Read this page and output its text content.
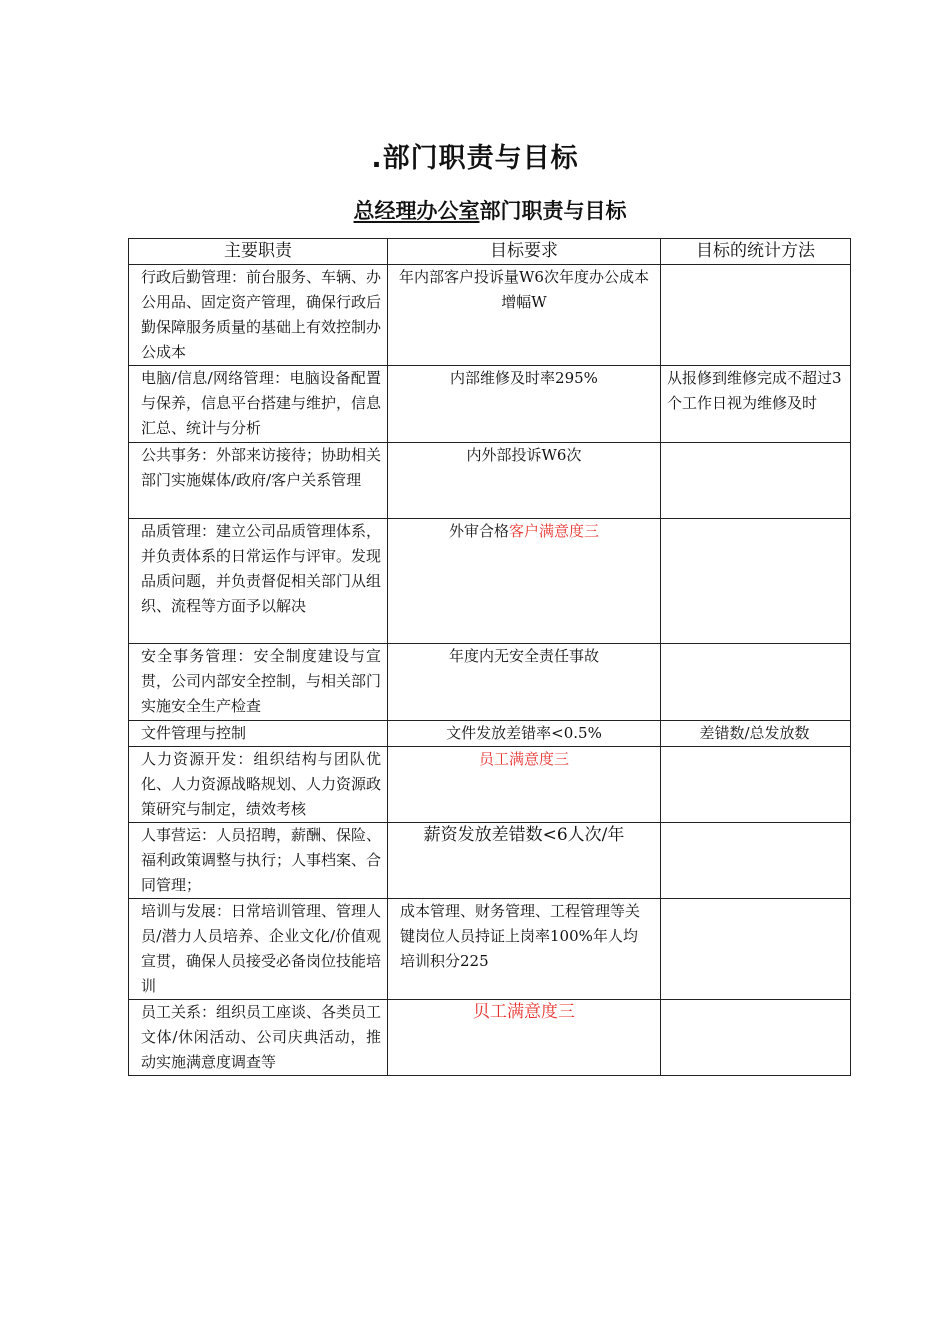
.部门职责与目标
总经理办公室部门职责与目标
主要职责	目标要求	目标的统计方法
行政后勤管理：前台服务、车辆、办公用品、固定资产管理，确保行政后勤保障服务质量的基础上有效控制办公成本	年内部客户投诉量W6次年度办公成本增幅W	
电脑/信息/网络管理：电脑设备配置与保养，信息平台搭建与维护，信息汇总、统计与分析	内部维修及时率295%	从报修到维修完成不超过3个工作日视为维修及时
公共事务：外部来访接待；协助相关部门实施媒体/政府/客户关系管理	内外部投诉W6次	
品质管理：建立公司品质管理体系，并负责体系的日常运作与评审。发现品质问题，并负责督促相关部门从组织、流程等方面予以解决	外审合格客户满意度三	
安全事务管理：安全制度建设与宣贯，公司内部安全控制，与相关部门实施安全生产检查	年度内无安全责任事故	
文件管理与控制	文件发放差错率<0.5%	差错数/总发放数
人力资源开发：组织结构与团队优化、人力资源战略规划、人力资源政策研究与制定，绩效考核	员工满意度三	
人事营运：人员招聘，薪酬、保险、福利政策调整与执行；人事档案、合同管理；	薪资发放差错数<6人次/年	
培训与发展：日常培训管理、管理人员/潜力人员培养、企业文化/价值观宣贯，确保人员接受必备岗位技能培训	成本管理、财务管理、工程管理等关键岗位人员持证上岗率100%年人均培训积分225	
员工关系：组织员工座谈、各类员工文体/休闲活动、公司庆典活动，推动实施满意度调查等	贝工满意度三	
